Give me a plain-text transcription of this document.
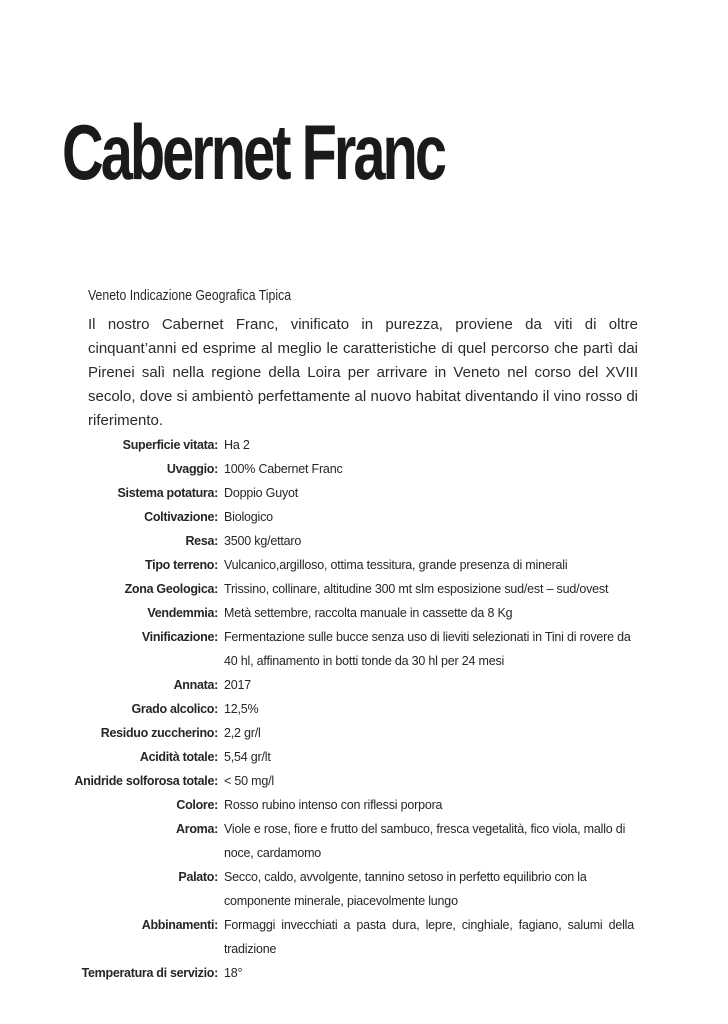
Cabernet Franc

Veneto Indicazione Geografica Tipica

Il nostro Cabernet Franc, vinificato in purezza, proviene da viti di oltre cinquant’anni ed esprime al meglio le caratteristiche di quel percorso che partì dai Pirenei salì nella regione della Loira per arrivare in Veneto nel corso del XVIII secolo, dove si ambientò perfettamente al nuovo habitat diventando il vino rosso di riferimento.

Superficie vitata: Ha 2
Uvaggio: 100% Cabernet Franc
Sistema potatura: Doppio Guyot
Coltivazione: Biologico
Resa: 3500 kg/ettaro
Tipo terreno: Vulcanico,argilloso, ottima tessitura, grande presenza di minerali
Zona Geologica: Trissino, collinare, altitudine 300 mt slm esposizione sud/est – sud/ovest
Vendemmia: Metà settembre, raccolta manuale in cassette da 8 Kg
Vinificazione: Fermentazione sulle bucce senza uso di lieviti selezionati in Tini di rovere da 40 hl, affinamento in botti tonde da 30 hl per 24 mesi
Annata: 2017
Grado alcolico: 12,5%
Residuo zuccherino: 2,2 gr/l
Acidità totale: 5,54 gr/lt
Anidride solforosa totale: < 50 mg/l
Colore: Rosso rubino intenso con riflessi porpora
Aroma: Viole e rose, fiore e frutto del sambuco, fresca vegetalità, fico viola, mallo di noce, cardamomo
Palato: Secco, caldo, avvolgente, tannino setoso in perfetto equilibrio con la componente minerale, piacevolmente lungo
Abbinamenti: Formaggi invecchiati a pasta dura, lepre, cinghiale, fagiano, salumi della tradizione
Temperatura di servizio: 18°
